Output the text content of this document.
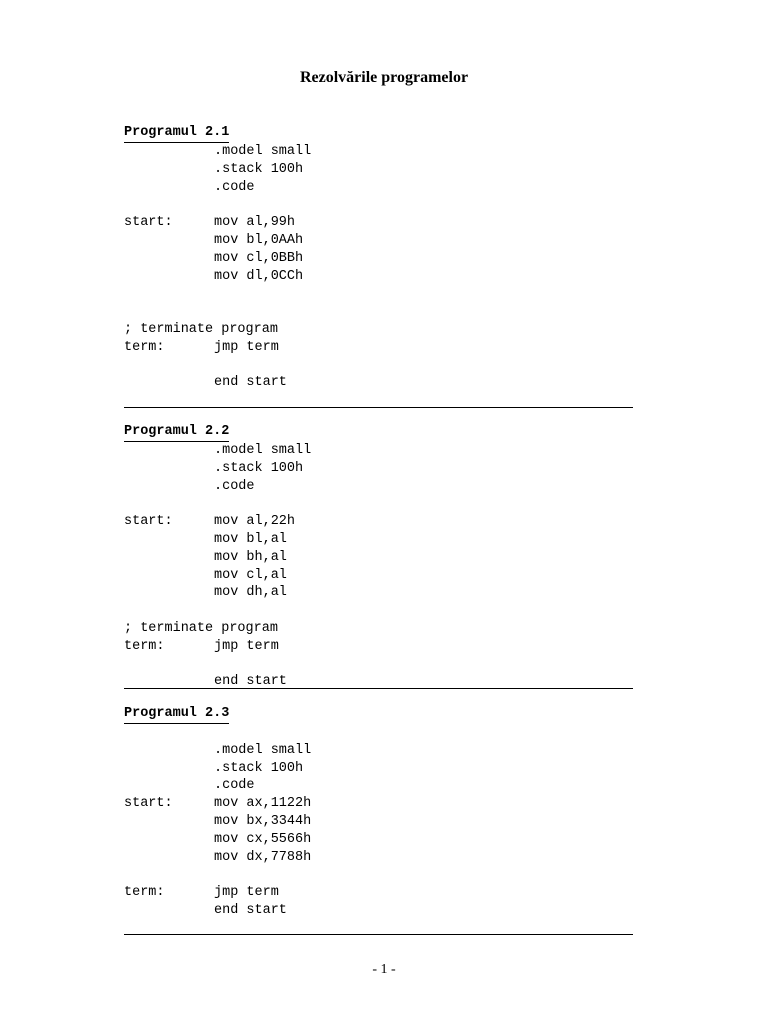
Rezolvările programelor
Programul 2.1
.model small
.stack 100h
.code
start:	mov al,99h
mov bl,0AAh
mov cl,0BBh
mov dl,0CCh
; terminate program
term:	jmp term
end start
Programul 2.2
.model small
.stack 100h
.code
start:	mov al,22h
mov bl,al
mov bh,al
mov cl,al
mov dh,al
; terminate program
term:	jmp term
end start
Programul 2.3
.model small
.stack 100h
.code
start:	mov ax,1122h
mov bx,3344h
mov cx,5566h
mov dx,7788h
term:	jmp term
end start
- 1 -
